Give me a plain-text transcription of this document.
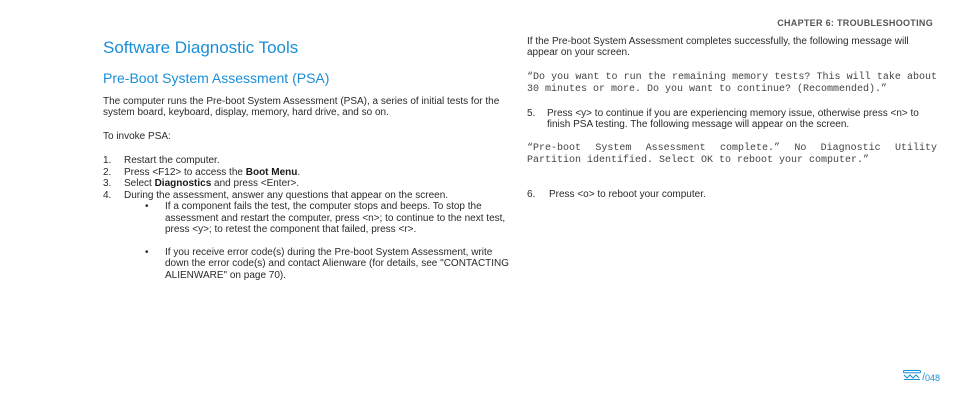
CHAPTER 6: TROUBLESHOOTING
Software Diagnostic Tools
Pre-Boot System Assessment (PSA)

The computer runs the Pre-boot System Assessment (PSA), a series of initial tests for the system board, keyboard, display, memory, hard drive, and so on.

To invoke PSA:

1. Restart the computer.
2. Press <F12> to access the Boot Menu.
3. Select Diagnostics and press <Enter>.
4. During the assessment, answer any questions that appear on the screen.
• If a component fails the test, the computer stops and beeps. To stop the assessment and restart the computer, press <n>; to continue to the next test, press <y>; to retest the component that failed, press <r>.
• If you receive error code(s) during the Pre-boot System Assessment, write down the error code(s) and contact Alienware (for details, see "CONTACTING ALIENWARE" on page 70).

If the Pre-boot System Assessment completes successfully, the following message will appear on your screen.

“Do you want to run the remaining memory tests? This will take about 30 minutes or more. Do you want to continue? (Recommended).”
5. Press <y> to continue if you are experiencing memory issue, otherwise press <n> to finish PSA testing. The following message will appear on the screen.
“Pre-boot System Assessment complete.” No Diagnostic Utility Partition identified. Select OK to reboot your computer.”
6. Press <o> to reboot your computer.
/ 048
